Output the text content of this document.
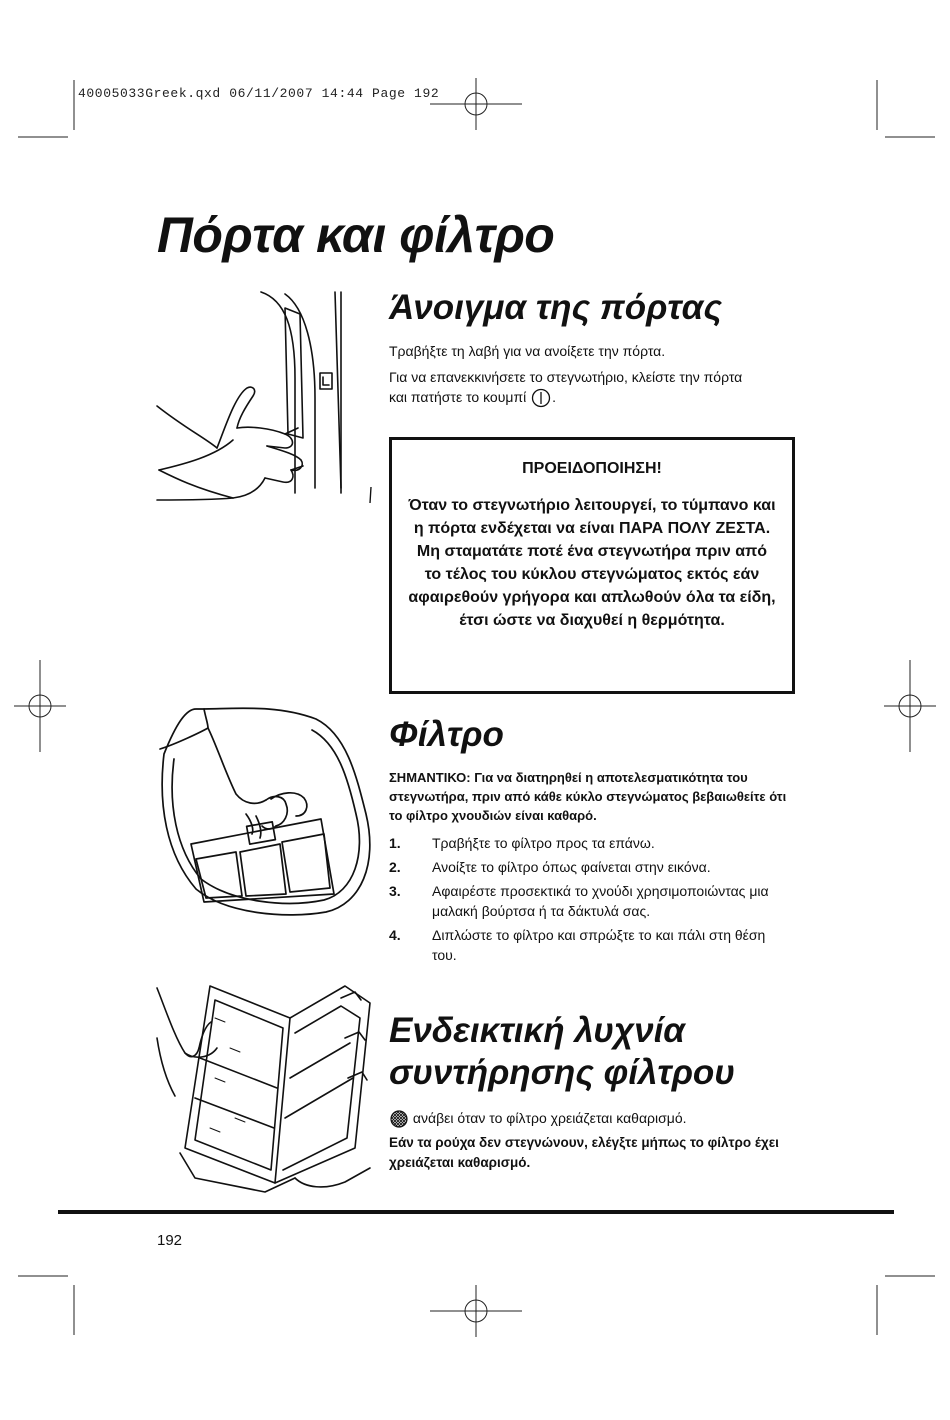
40005033Greek.qxd 06/11/2007 14:44 Page 192
Πόρτα και φίλτρο
Άνοιγμα της πόρτας

Τραβήξτε τη λαβή για να ανοίξετε την πόρτα.

Για να επανεκκινήσετε το στεγνωτήριο, κλείστε την πόρτα
και πατήστε το κουμπί .

ΠΡΟΕΙΔΟΠΟΙΗΣΗ!
Όταν το στεγνωτήριο λειτουργεί, το τύμπανο και η πόρτα ενδέχεται να είναι ΠΑΡΑ ΠΟΛΥ ΖΕΣΤΑ. Μη σταματάτε ποτέ ένα στεγνωτήρα πριν από το τέλος του κύκλου στεγνώματος εκτός εάν αφαιρεθούν γρήγορα και απλωθούν όλα τα είδη, έτσι ώστε να διαχυθεί η θερμότητα.
Φίλτρο
ΣΗΜΑΝΤΙΚΟ: Για να διατηρηθεί η αποτελεσματικότητα του στεγνωτήρα, πριν από κάθε κύκλο στεγνώματος βεβαιωθείτε ότι το φίλτρο χνουδιών είναι καθαρό.
1. Τραβήξτε το φίλτρο προς τα επάνω.
2. Ανοίξτε το φίλτρο όπως φαίνεται στην εικόνα.
3. Αφαιρέστε προσεκτικά το χνούδι χρησιμοποιώντας μια μαλακή βούρτσα ή τα δάκτυλά σας.
4. Διπλώστε το φίλτρο και σπρώξτε το και πάλι στη θέση του.
Ενδεικτική λυχνία
συντήρησης φίλτρου

ανάβει όταν το φίλτρο χρειάζεται καθαρισμό.

Εάν τα ρούχα δεν στεγνώνουν, ελέγξτε μήπως το φίλτρο έχει χρειάζεται καθαρισμό.
192
